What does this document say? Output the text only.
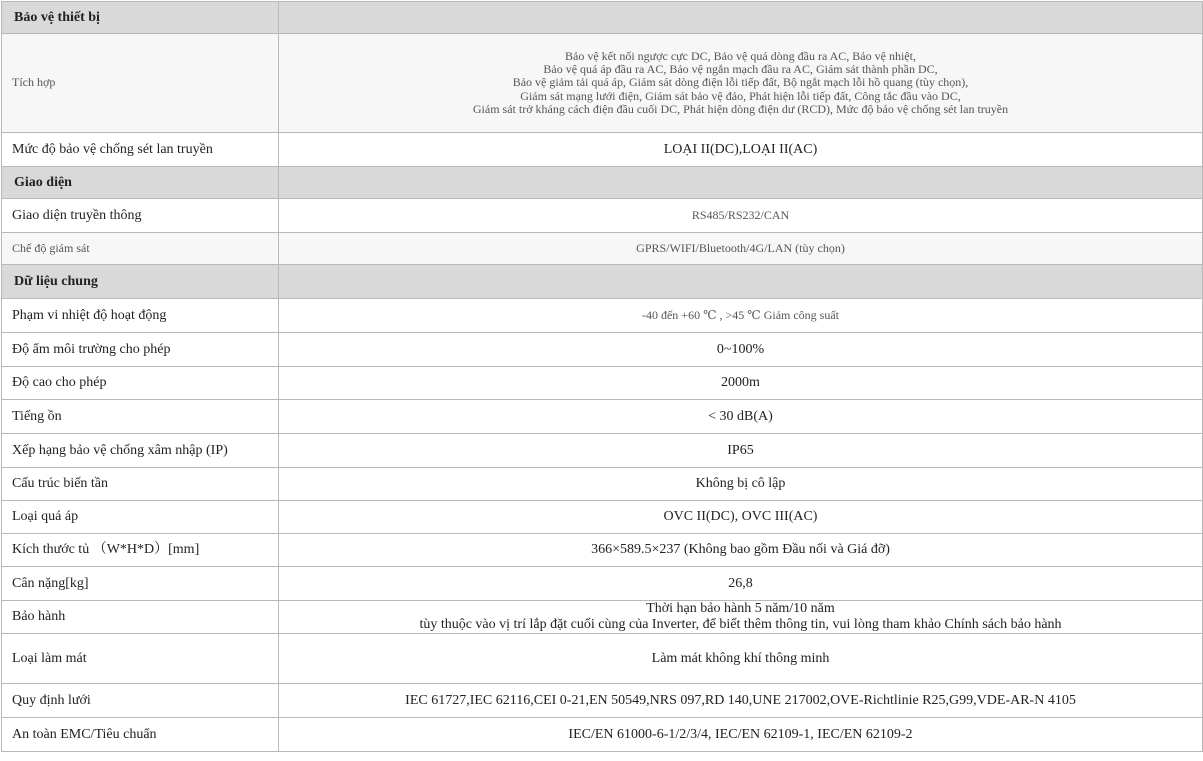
Bảo vệ thiết bị	
Tích hợp	Bảo vệ kết nối ngược cực DC, Bảo vệ quá dòng đầu ra AC, Bảo vệ nhiệt,
Bảo vệ quá áp đầu ra AC, Bảo vệ ngắn mạch đầu ra AC, Giám sát thành phần DC,
Bảo vệ giảm tải quá áp, Giám sát dòng điện lỗi tiếp đất, Bộ ngắt mạch lỗi hồ quang (tùy chọn),
Giám sát mạng lưới điện, Giám sát bảo vệ đảo, Phát hiện lỗi tiếp đất, Công tắc đầu vào DC,
Giám sát trở kháng cách điện đầu cuối DC, Phát hiện dòng điện dư (RCD), Mức độ bảo vệ chống sét lan truyền

Mức độ bảo vệ chống sét lan truyền	LOẠI II(DC),LOẠI II(AC)

Giao diện	
Giao diện truyền thông	RS485/RS232/CAN

Chế độ giám sát	GPRS/WIFI/Bluetooth/4G/LAN (tùy chọn)

Dữ liệu chung	
Phạm vi nhiệt độ hoạt động	-40 đến +60 ℃ , >45 ℃ Giảm công suất

Độ ẩm môi trường cho phép	0~100%

Độ cao cho phép	2000m

Tiếng ồn	< 30 dB(A)

Xếp hạng bảo vệ chống xâm nhập (IP)	IP65

Cấu trúc biến tần	Không bị cô lập

Loại quá áp	OVC II(DC), OVC III(AC)

Kích thước tủ （W*H*D）[mm]	366×589.5×237 (Không bao gồm Đầu nối và Giá đỡ)

Cân nặng[kg]	26,8

Bảo hành	Thời hạn bảo hành 5 năm/10 năm
tùy thuộc vào vị trí lắp đặt cuối cùng của Inverter, để biết thêm thông tin, vui lòng tham khảo Chính sách bảo hành

Loại làm mát	Làm mát không khí thông minh

Quy định lưới	IEC 61727,IEC 62116,CEI 0-21,EN 50549,NRS 097,RD 140,UNE 217002,OVE-Richtlinie R25,G99,VDE-AR-N 4105

An toàn EMC/Tiêu chuẩn	IEC/EN 61000-6-1/2/3/4, IEC/EN 62109-1, IEC/EN 62109-2
